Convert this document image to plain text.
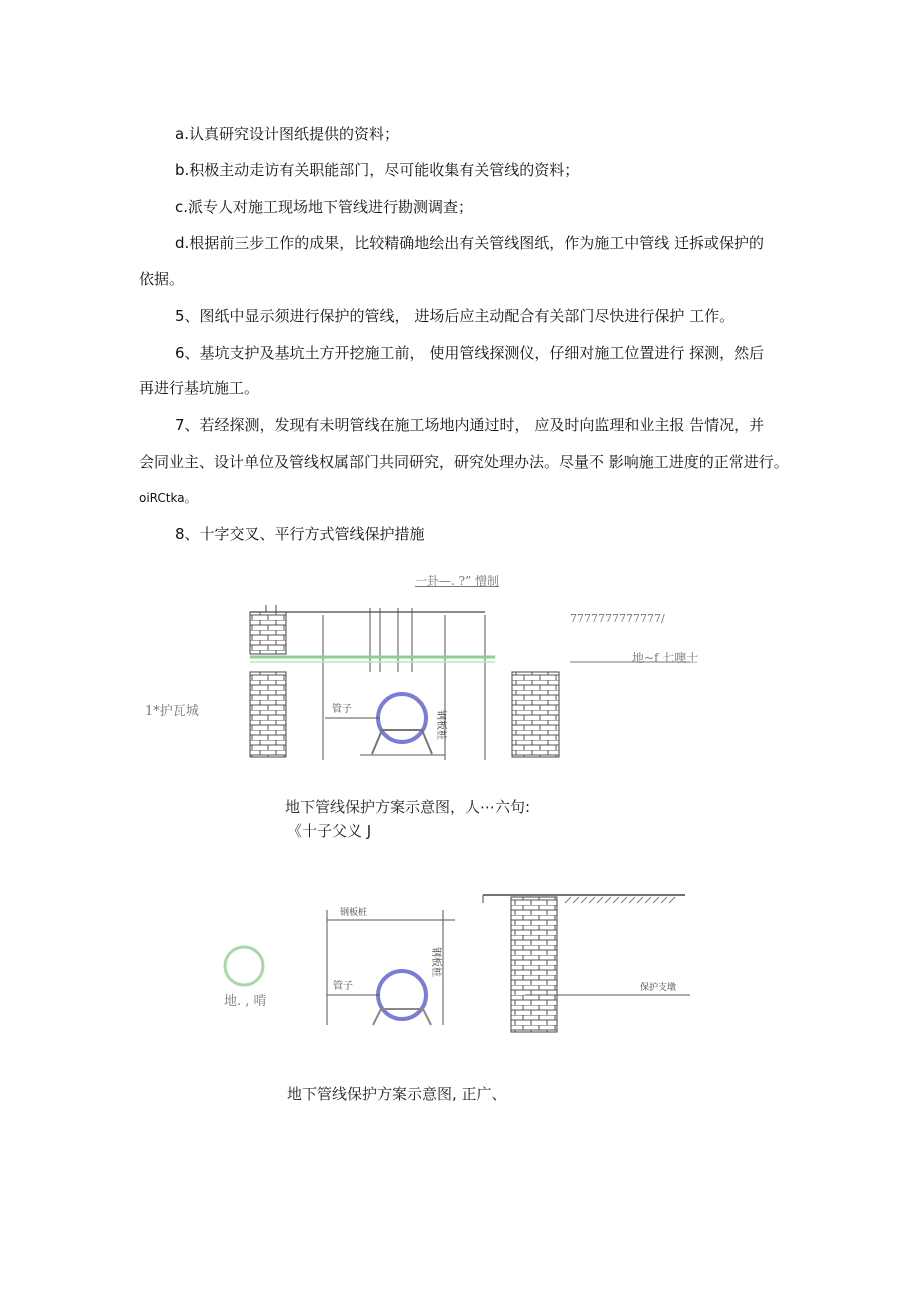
a.认真研究设计图纸提供的资料；
b.积极主动走访有关职能部门，尽可能收集有关管线的资料；
c.派专人对施工现场地下管线进行勘测调查；
d.根据前三步工作的成果，比较精确地绘出有关管线图纸，作为施工中管线 迁拆或保护的
依据。
5、图纸中显示须进行保护的管线， 进场后应主动配合有关部门尽快进行保护 工作。
6、基坑支护及基坑土方开挖施工前， 使用管线探测仪，仔细对施工位置进行 探测，然后
再进行基坑施工。
7、若经探测，发现有未明管线在施工场地内通过时， 应及时向监理和业主报 告情况，并
会同业主、设计单位及管线权属部门共同研究，研究处理办法。尽量不 影响施工进度的正常进行。
oiRCtka。
8、十字交叉、平行方式管线保护措施
一卦—. ?” 憎制
7777777777777/
地~f 七噢士
1*护瓦城	管子
钢板桩
地下管线保护方案示意图，人⋯六句:
《十子父义 J
钢板桩
管子
钢板桩
保护支墩
地. , 啃
地下管线保护方案示意图, 正广、
